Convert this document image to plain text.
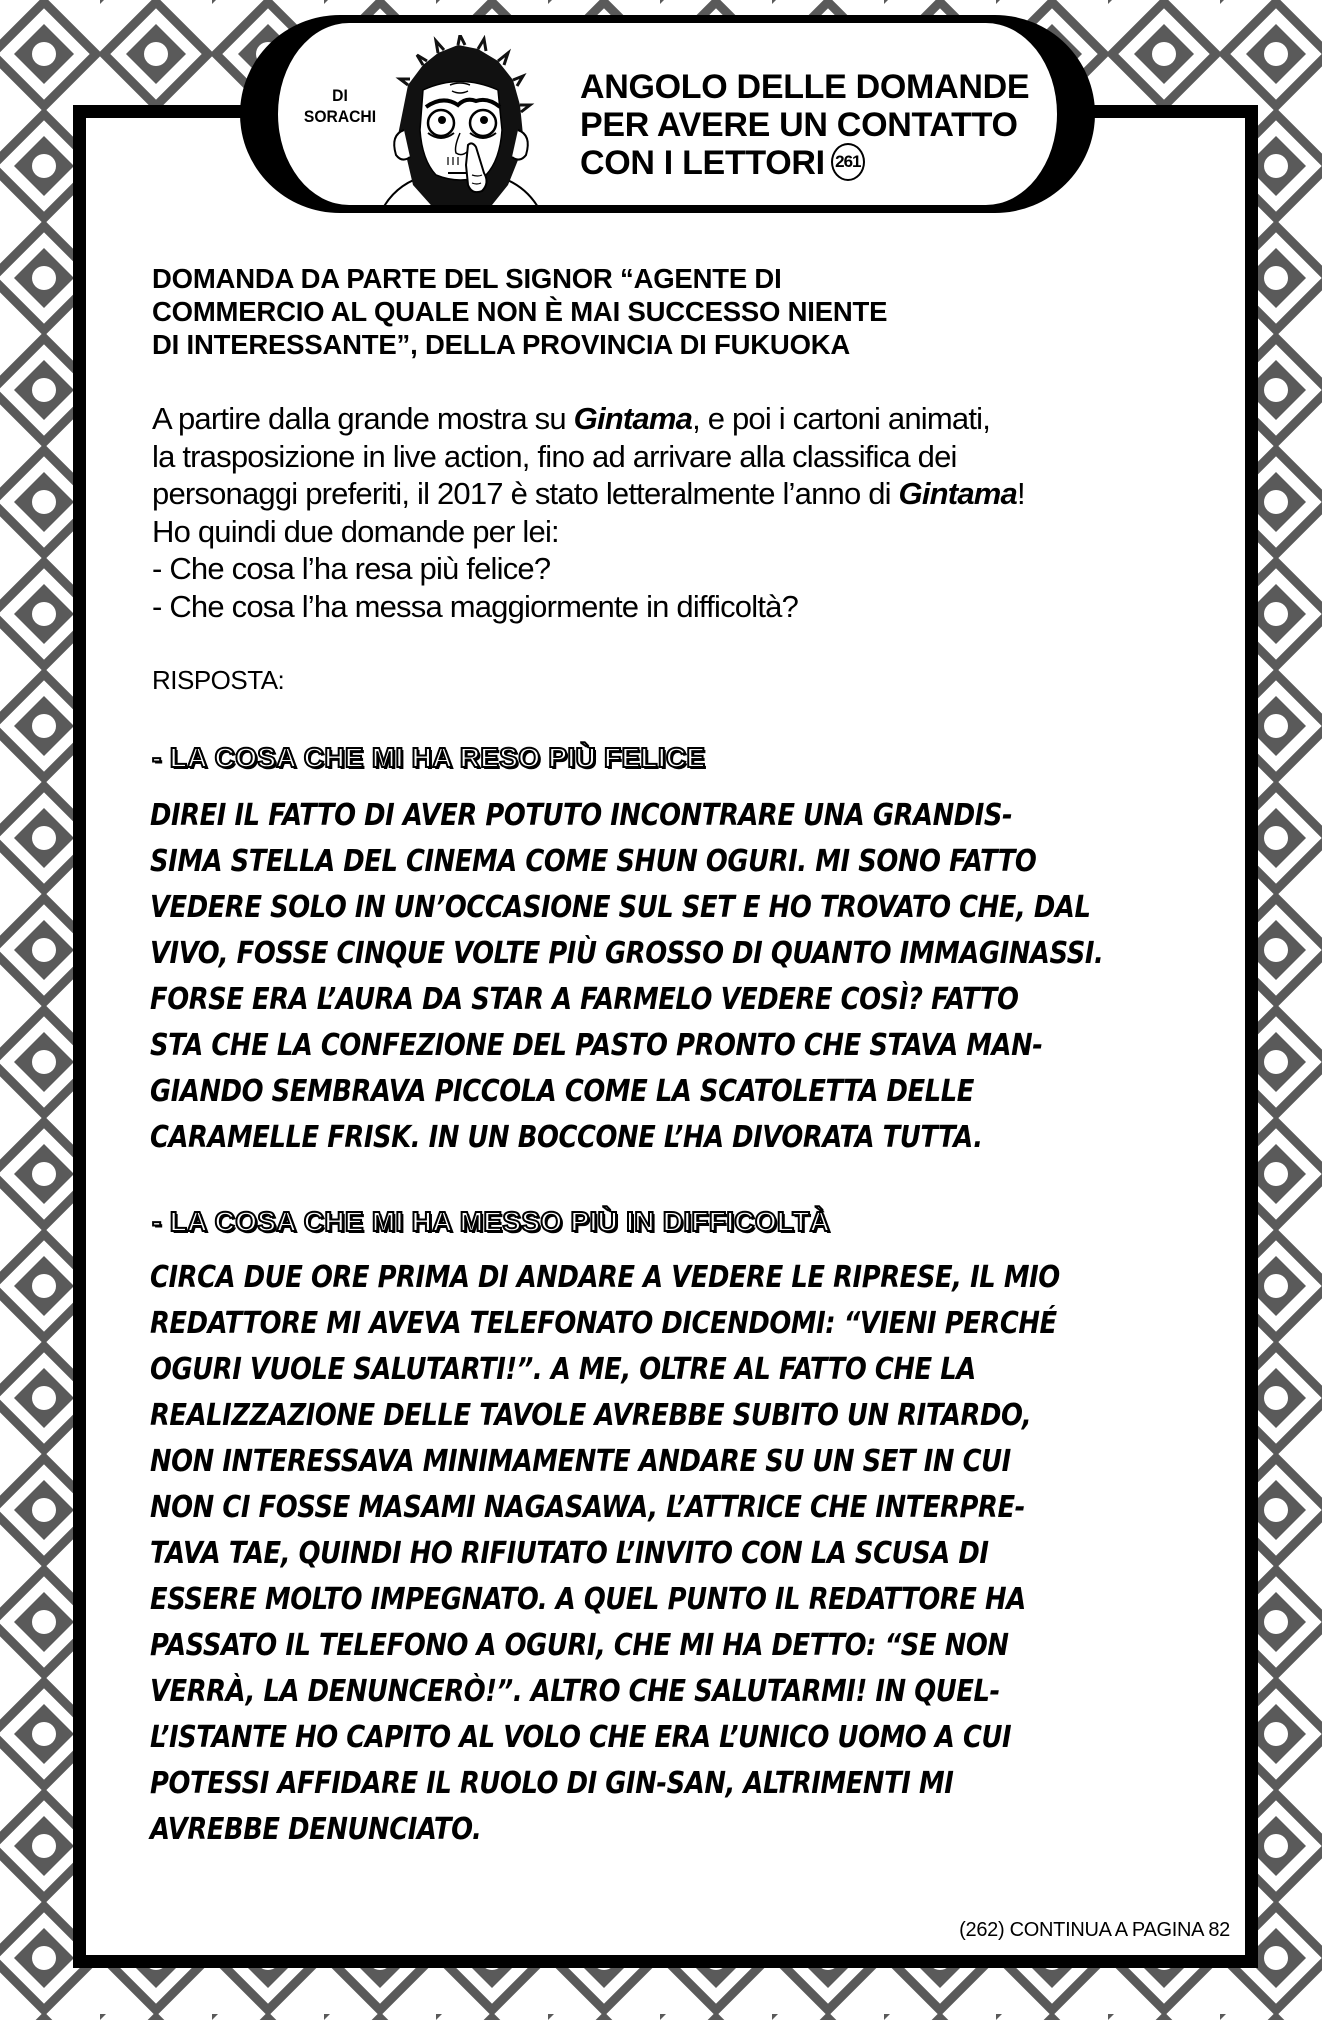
DI
SORACHI
ANGOLO DELLE DOMANDE
PER AVERE UN CONTATTO
CON I LETTORI 261
DOMANDA DA PARTE DEL SIGNOR “AGENTE DI
COMMERCIO AL QUALE NON È MAI SUCCESSO NIENTE
DI INTERESSANTE”, DELLA PROVINCIA DI FUKUOKA
A partire dalla grande mostra su Gintama, e poi i cartoni animati,
la trasposizione in live action, fino ad arrivare alla classifica dei
personaggi preferiti, il 2017 è stato letteralmente l’anno di Gintama!
Ho quindi due domande per lei:
- Che cosa l’ha resa più felice?
- Che cosa l’ha messa maggiormente in difficoltà?
RISPOSTA:
- LA COSA CHE MI HA RESO PIÙ FELICE
DIREI IL FATTO DI AVER POTUTO INCONTRARE UNA GRANDIS-
SIMA STELLA DEL CINEMA COME SHUN OGURI. MI SONO FATTO
VEDERE SOLO IN UN’OCCASIONE SUL SET E HO TROVATO CHE, DAL
VIVO, FOSSE CINQUE VOLTE PIÙ GROSSO DI QUANTO IMMAGINASSI.
FORSE ERA L’AURA DA STAR A FARMELO VEDERE COSÌ? FATTO
STA CHE LA CONFEZIONE DEL PASTO PRONTO CHE STAVA MAN-
GIANDO SEMBRAVA PICCOLA COME LA SCATOLETTA DELLE
CARAMELLE FRISK. IN UN BOCCONE L’HA DIVORATA TUTTA.
- LA COSA CHE MI HA MESSO PIÙ IN DIFFICOLTÀ
CIRCA DUE ORE PRIMA DI ANDARE A VEDERE LE RIPRESE, IL MIO
REDATTORE MI AVEVA TELEFONATO DICENDOMI: “VIENI PERCHÉ
OGURI VUOLE SALUTARTI!”. A ME, OLTRE AL FATTO CHE LA
REALIZZAZIONE DELLE TAVOLE AVREBBE SUBITO UN RITARDO,
NON INTERESSAVA MINIMAMENTE ANDARE SU UN SET IN CUI
NON CI FOSSE MASAMI NAGASAWA, L’ATTRICE CHE INTERPRE-
TAVA TAE, QUINDI HO RIFIUTATO L’INVITO CON LA SCUSA DI
ESSERE MOLTO IMPEGNATO. A QUEL PUNTO IL REDATTORE HA
PASSATO IL TELEFONO A OGURI, CHE MI HA DETTO: “SE NON
VERRÀ, LA DENUNCERÒ!”. ALTRO CHE SALUTARMI! IN QUEL-
L’ISTANTE HO CAPITO AL VOLO CHE ERA L’UNICO UOMO A CUI
POTESSI AFFIDARE IL RUOLO DI GIN-SAN, ALTRIMENTI MI
AVREBBE DENUNCIATO.
(262) CONTINUA A PAGINA 82
